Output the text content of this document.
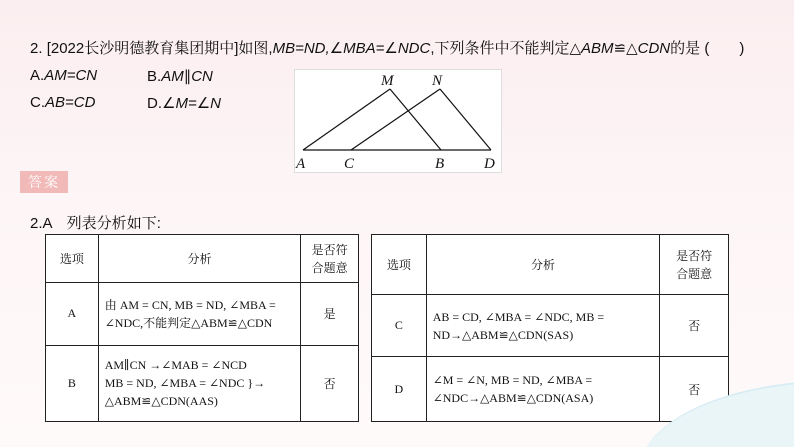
2. [2022长沙明德教育集团期中]如图,MB=ND,∠MBA=∠NDC,下列条件中不能判定△ABM≌△CDN的是 (　　)
A.AM=CN	B.AM∥CN
C.AB=CD	D.∠M=∠N
M	N
A	C	B	D
答案
2.A　列表分析如下:
选项	分析	是否符合题意
A	由 AM = CN, MB = ND, ∠MBA =
∠NDC,不能判定△ABM≌△CDN	是
B	AM∥CN →∠MAB = ∠NCD
MB = ND, ∠MBA = ∠NDC }→
△ABM≌△CDN(AAS)	否
选项	分析	是否符合题意
C	AB = CD, ∠MBA = ∠NDC, MB =
ND→△ABM≌△CDN(SAS)	否
D	∠M = ∠N, MB = ND, ∠MBA =
∠NDC→△ABM≌△CDN(ASA)	否
